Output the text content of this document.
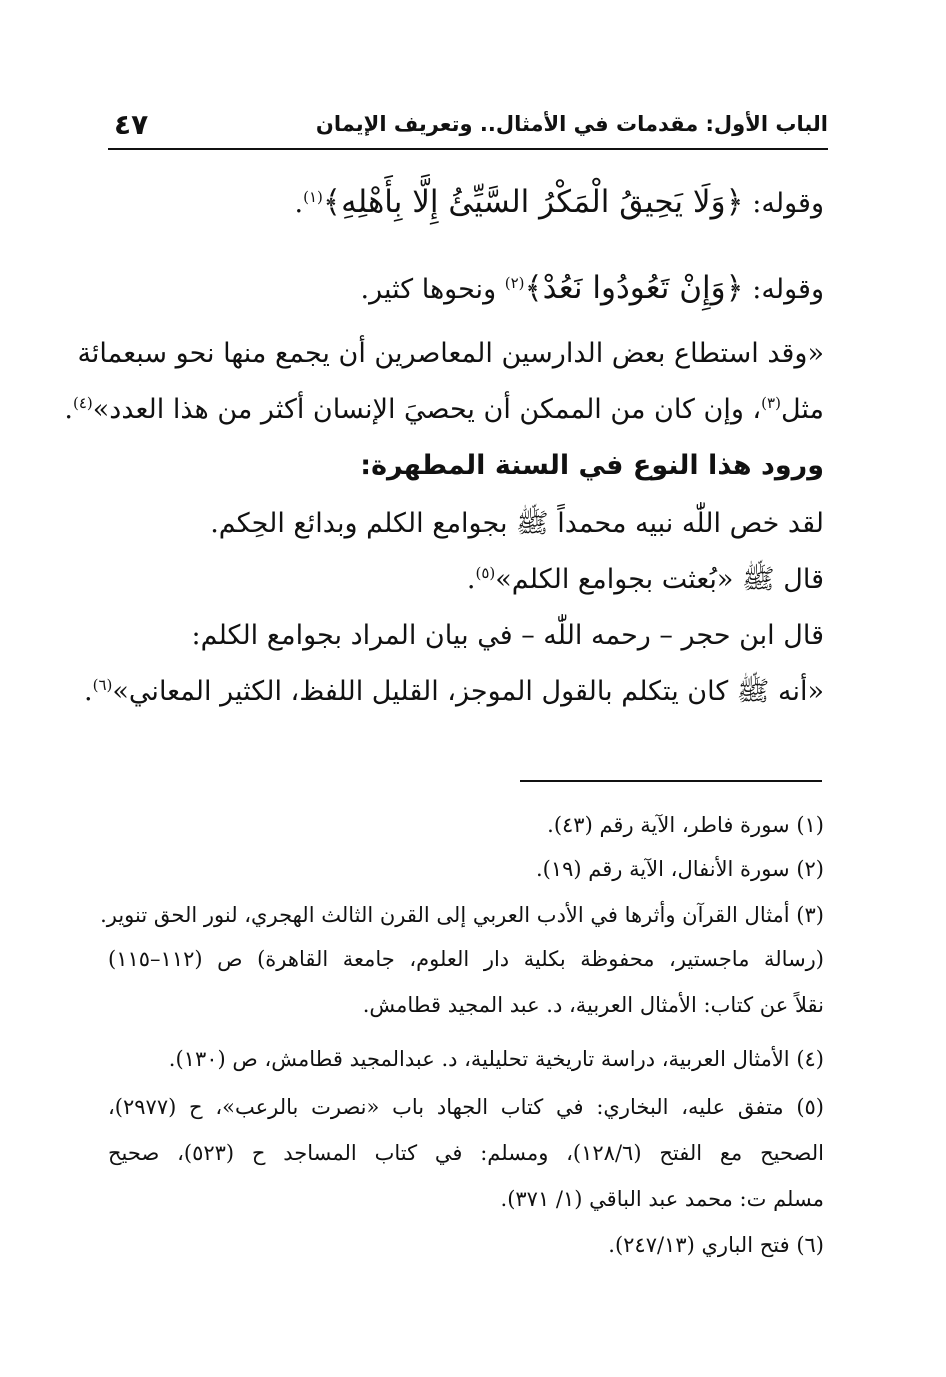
٤٧	الباب الأول: مقدمات في الأمثال.. وتعريف الإيمان
وقوله: ﴿وَلَا يَحِيقُ الْمَكْرُ السَّيِّئُ إِلَّا بِأَهْلِهِ﴾$^{(١)}$.
وقوله: ﴿وَإِنْ تَعُودُوا نَعُدْ﴾$^{(٢)}$ ونحوها كثير.
«وقد استطاع بعض الدارسين المعاصرين أن يجمع منها نحو سبعمائة
مثل$^{(٣)}$، وإن كان من الممكن أن يحصيَ الإنسان أكثر من هذا العدد»$^{(٤)}$.
ورود هذا النوع في السنة المطهرة:
لقد خص اللّٰه نبيه محمداً ﷺ بجوامع الكلم وبدائع الحِكم.
قال ﷺ «بُعثت بجوامع الكلم»$^{(٥)}$.
قال ابن حجر – رحمه اللّٰه – في بيان المراد بجوامع الكلم:
«أنه ﷺ كان يتكلم بالقول الموجز، القليل اللفظ، الكثير المعاني»$^{(٦)}$.
(١) سورة فاطر، الآية رقم (٤٣).
(٢) سورة الأنفال، الآية رقم (١٩).
(٣) أمثال القرآن وأثرها في الأدب العربي إلى القرن الثالث الهجري، لنور الحق تنوير.
(رسالة ماجستير، محفوظة بكلية دار العلوم، جامعة القاهرة) ص (١١٢–١١٥)
نقلاً عن كتاب: الأمثال العربية، د. عبد المجيد قطامش.
(٤) الأمثال العربية، دراسة تاريخية تحليلية، د. عبدالمجيد قطامش، ص (١٣٠).
(٥) متفق عليه، البخاري: في كتاب الجهاد باب «نصرت بالرعب»، ح (٢٩٧٧)،
الصحيح مع الفتح (١٢٨/٦)، ومسلم: في كتاب المساجد ح (٥٢٣)، صحيح
مسلم ت: محمد عبد الباقي (١/ ٣٧١).
(٦) فتح الباري (٢٤٧/١٣).
